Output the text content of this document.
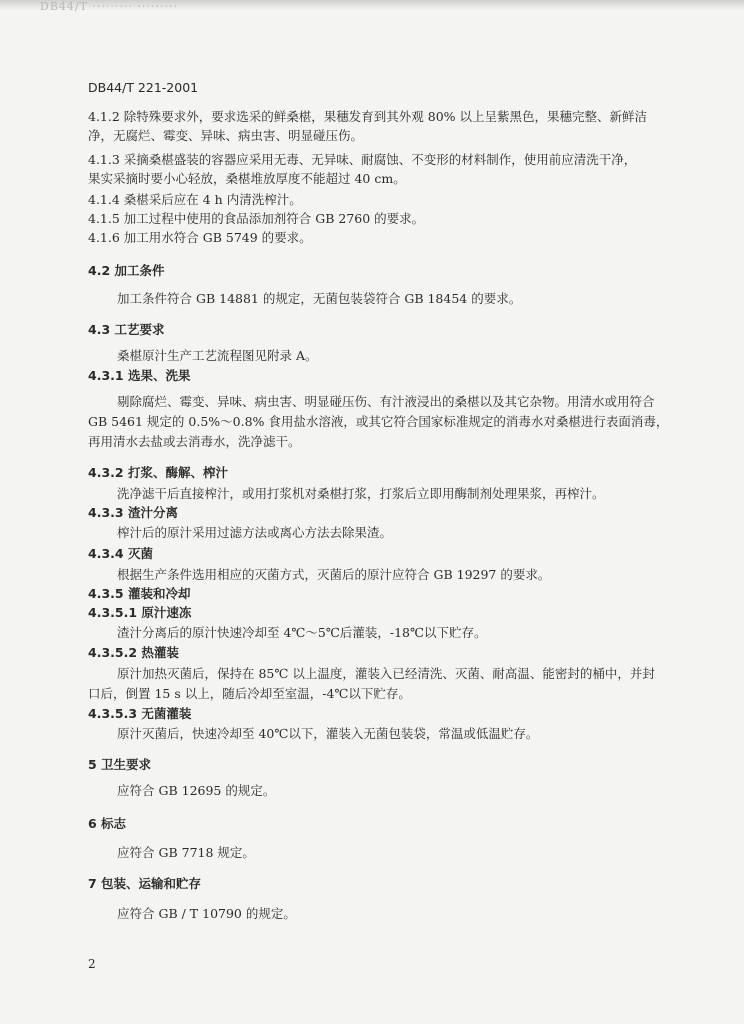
DB44/T ········· ·········
DB44/T 221-2001
4.1.2 除特殊要求外，要求选采的鲜桑椹，果穗发育到其外观 80% 以上呈紫黑色，果穗完整、新鲜洁
净，无腐烂、霉变、异味、病虫害、明显碰压伤。
4.1.3 采摘桑椹盛装的容器应采用无毒、无异味、耐腐蚀、不变形的材料制作，使用前应清洗干净，
果实采摘时要小心轻放，桑椹堆放厚度不能超过 40 cm。
4.1.4 桑椹采后应在 4 h 内清洗榨汁。
4.1.5 加工过程中使用的食品添加剂符合 GB 2760 的要求。
4.1.6 加工用水符合 GB 5749 的要求。
4.2 加工条件
加工条件符合 GB 14881 的规定，无菌包装袋符合 GB 18454 的要求。
4.3 工艺要求
桑椹原汁生产工艺流程图见附录 A。
4.3.1 选果、洗果
剔除腐烂、霉变、异味、病虫害、明显碰压伤、有汁液浸出的桑椹以及其它杂物。用清水或用符合
GB 5461 规定的 0.5%～0.8% 食用盐水溶液，或其它符合国家标准规定的消毒水对桑椹进行表面消毒，
再用清水去盐或去消毒水，洗净滤干。
4.3.2 打浆、酶解、榨汁
洗净滤干后直接榨汁，或用打浆机对桑椹打浆，打浆后立即用酶制剂处理果浆，再榨汁。
4.3.3 渣汁分离
榨汁后的原汁采用过滤方法或离心方法去除果渣。
4.3.4 灭菌
根据生产条件选用相应的灭菌方式，灭菌后的原汁应符合 GB 19297 的要求。
4.3.5 灌装和冷却
4.3.5.1 原汁速冻
渣汁分离后的原汁快速冷却至 4℃～5℃后灌装，-18℃以下贮存。
4.3.5.2 热灌装
原汁加热灭菌后，保持在 85℃ 以上温度，灌装入已经清洗、灭菌、耐高温、能密封的桶中，并封
口后，倒置 15 s 以上，随后冷却至室温，-4℃以下贮存。
4.3.5.3 无菌灌装
原汁灭菌后，快速冷却至 40℃以下，灌装入无菌包装袋，常温或低温贮存。
5 卫生要求
应符合 GB 12695 的规定。
6 标志
应符合 GB 7718 规定。
7 包装、运输和贮存
应符合 GB / T 10790 的规定。
2
